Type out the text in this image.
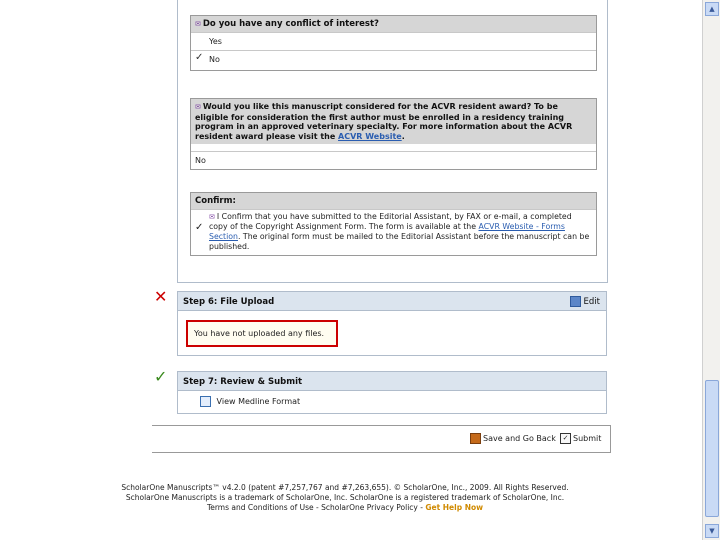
✉ Do you have any conflict of interest?
Yes
✓ No
✉ Would you like this manuscript considered for the ACVR resident award? To be eligible for consideration the first author must be enrolled in a residency training program in an approved veterinary specialty. For more information about the ACVR resident award please visit the ACVR Website.
No
Confirm:
✓
✉ I Confirm that you have submitted to the Editorial Assistant, by FAX or e-mail, a completed copy of the Copyright Assignment Form. The form is available at the ACVR Website - Forms Section. The original form must be mailed to the Editorial Assistant before the manuscript can be published.
✕	Step 6: File Upload	Edit
You have not uploaded any files.
✓	Step 7: Review & Submit
View Medline Format
Save and Go Back ✓ Submit
ScholarOne Manuscripts™ v4.2.0 (patent #7,257,767 and #7,263,655). © ScholarOne, Inc., 2009. All Rights Reserved.
ScholarOne Manuscripts is a trademark of ScholarOne, Inc. ScholarOne is a registered trademark of ScholarOne, Inc.
Terms and Conditions of Use - ScholarOne Privacy Policy - Get Help Now
▲
▼
